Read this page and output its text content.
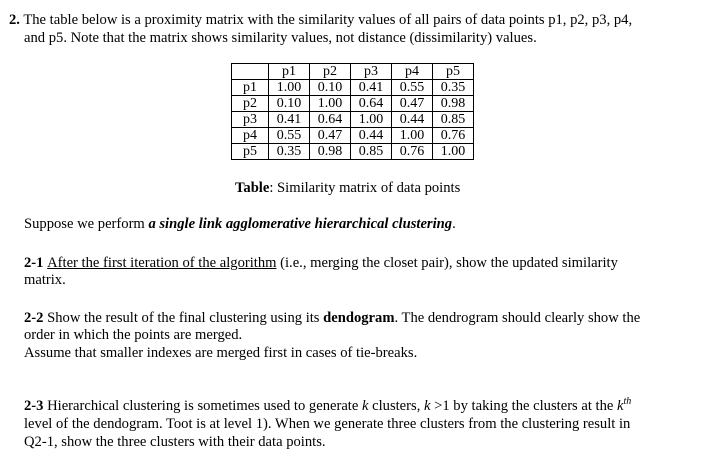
2. The table below is a proximity matrix with the similarity values of all pairs of data points p1, p2, p3, p4,
and p5. Note that the matrix shows similarity values, not distance (dissimilarity) values.
	p1	p2	p3	p4	p5
p1	1.00	0.10	0.41	0.55	0.35
p2	0.10	1.00	0.64	0.47	0.98
p3	0.41	0.64	1.00	0.44	0.85
p4	0.55	0.47	0.44	1.00	0.76
p5	0.35	0.98	0.85	0.76	1.00
Table: Similarity matrix of data points
Suppose we perform a single link agglomerative hierarchical clustering.
2-1 After the first iteration of the algorithm (i.e., merging the closet pair), show the updated similarity
matrix.
2-2 Show the result of the final clustering using its dendogram. The dendrogram should clearly show the
order in which the points are merged.
Assume that smaller indexes are merged first in cases of tie-breaks.
2-3 Hierarchical clustering is sometimes used to generate k clusters, k >1 by taking the clusters at the $k^{th}$
level of the dendogram. Toot is at level 1). When we generate three clusters from the clustering result in
Q2-1, show the three clusters with their data points.
